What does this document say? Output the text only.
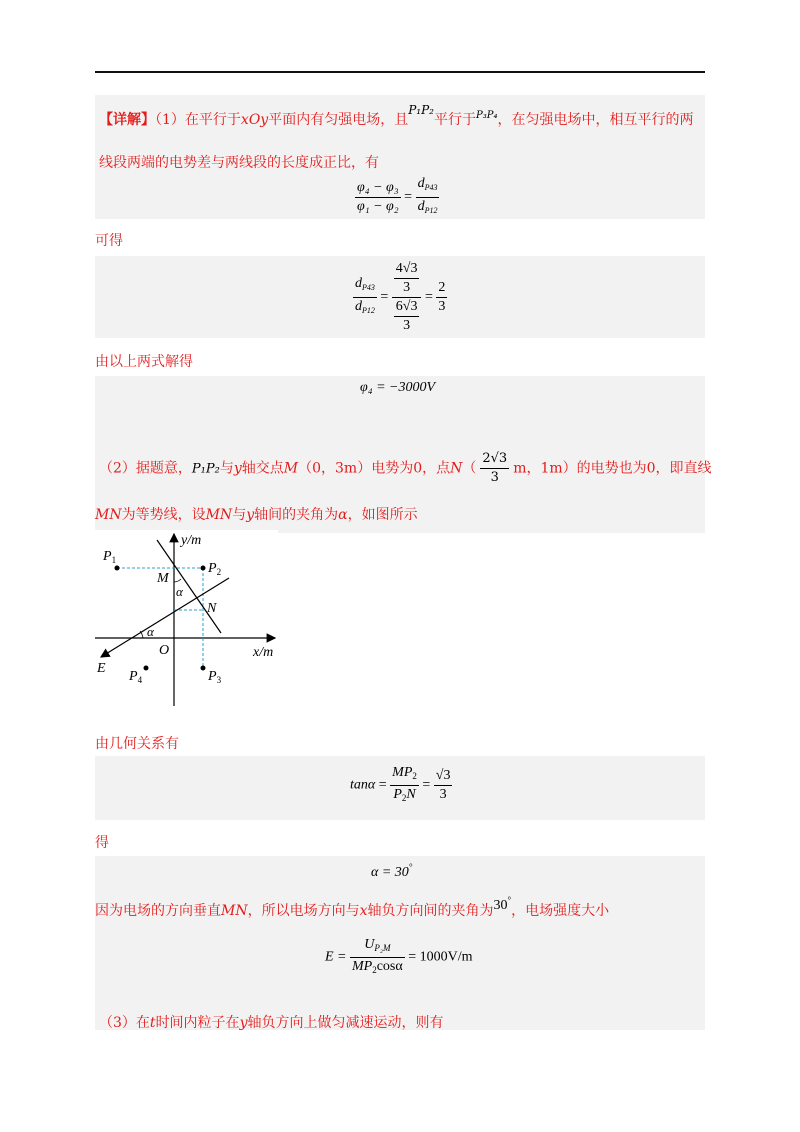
【详解】（1）在平行于xOy平面内有匀强电场，且P₁P₂平行于$^{P_3P_4}$，在匀强电场中，相互平行的两
线段两端的电势差与两线段的长度成正比，有
$\frac{\text{φ₄ − φ₃}}{\text{φ₁ − φ₂}} = \frac{d_{P43}}{d_{P12}}$
可得
$\frac{d_{P43}}{d_{P12}} = \frac{\frac{4√3}{3}}{\frac{6√3}{3}} = \frac{2}{3}$
由以上两式解得
φ₄ = −3000V
（2）据题意，P₁P₂与y轴交点M（0，3m）电势为0，点$N( \frac{2√3}{3}$ m，1m）的电势也为0，即直线
MN为等势线，设MN与y轴间的夹角为α，如图所示
y/m
x/m
O
E
$P_1$
$P_2$
$P_3$
$P_4$
M
N
α
α
由几何关系有
$\tan\alpha = \frac{MP_2}{P_2N} = \frac{√3}{3}$
得
α = 30°
因为电场的方向垂直MN，所以电场方向与x轴负方向间的夹角为30°，电场强度大小
$E = \frac{U_{P_2M}}{MP_2\cos\alpha} = 1000V/m$
（3）在t时间内粒子在y轴负方向上做匀减速运动，则有
